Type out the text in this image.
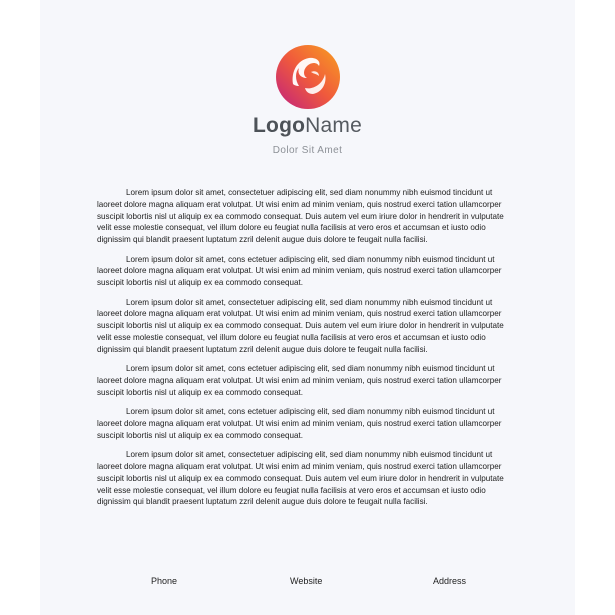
LogoName
Dolor Sit Amet

Lorem ipsum dolor sit amet, consectetuer adipiscing elit, sed diam nonummy nibh euismod tincidunt ut laoreet dolore magna aliquam erat volutpat. Ut wisi enim ad minim veniam, quis nostrud exerci tation ullamcorper suscipit lobortis nisl ut aliquip ex ea commodo consequat. Duis autem vel eum iriure dolor in hendrerit in vulputate velit esse molestie consequat, vel illum dolore eu feugiat nulla facilisis at vero eros et accumsan et iusto odio dignissim qui blandit praesent luptatum zzril delenit augue duis dolore te feugait nulla facilisi.

Lorem ipsum dolor sit amet, cons ectetuer adipiscing elit, sed diam nonummy nibh euismod tincidunt ut laoreet dolore magna aliquam erat volutpat. Ut wisi enim ad minim veniam, quis nostrud exerci tation ullamcorper suscipit lobortis nisl ut aliquip ex ea commodo consequat.

Lorem ipsum dolor sit amet, consectetuer adipiscing elit, sed diam nonummy nibh euismod tincidunt ut laoreet dolore magna aliquam erat volutpat. Ut wisi enim ad minim veniam, quis nostrud exerci tation ullamcorper suscipit lobortis nisl ut aliquip ex ea commodo consequat. Duis autem vel eum iriure dolor in hendrerit in vulputate velit esse molestie consequat, vel illum dolore eu feugiat nulla facilisis at vero eros et accumsan et iusto odio dignissim qui blandit praesent luptatum zzril delenit augue duis dolore te feugait nulla facilisi.

Lorem ipsum dolor sit amet, cons ectetuer adipiscing elit, sed diam nonummy nibh euismod tincidunt ut laoreet dolore magna aliquam erat volutpat. Ut wisi enim ad minim veniam, quis nostrud exerci tation ullamcorper suscipit lobortis nisl ut aliquip ex ea commodo consequat.

Lorem ipsum dolor sit amet, cons ectetuer adipiscing elit, sed diam nonummy nibh euismod tincidunt ut laoreet dolore magna aliquam erat volutpat. Ut wisi enim ad minim veniam, quis nostrud exerci tation ullamcorper suscipit lobortis nisl ut aliquip ex ea commodo consequat.

Lorem ipsum dolor sit amet, consectetuer adipiscing elit, sed diam nonummy nibh euismod tincidunt ut laoreet dolore magna aliquam erat volutpat. Ut wisi enim ad minim veniam, quis nostrud exerci tation ullamcorper suscipit lobortis nisl ut aliquip ex ea commodo consequat. Duis autem vel eum iriure dolor in hendrerit in vulputate velit esse molestie consequat, vel illum dolore eu feugiat nulla facilisis at vero eros et accumsan et iusto odio dignissim qui blandit praesent luptatum zzril delenit augue duis dolore te feugait nulla facilisi.

Phone	Website	Address
